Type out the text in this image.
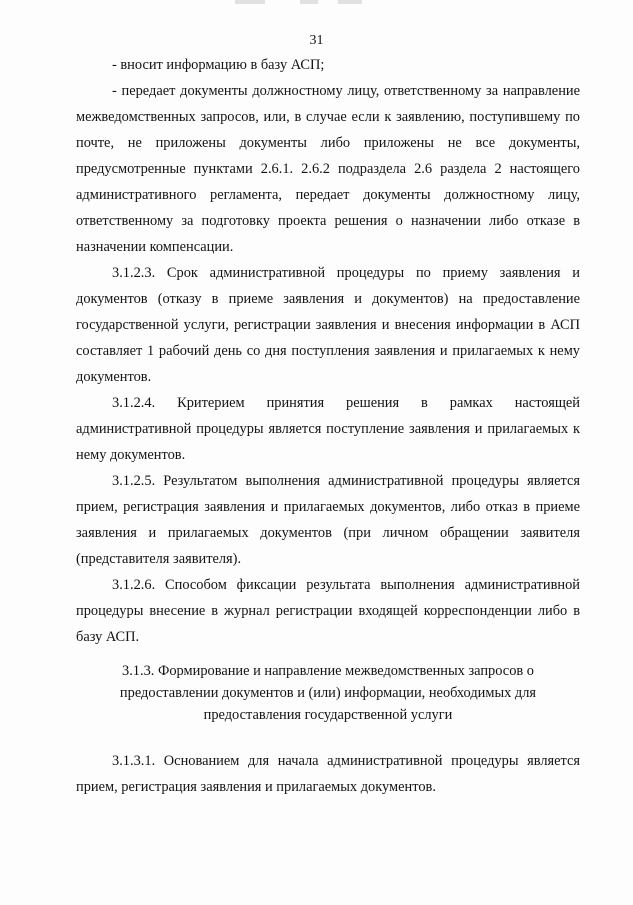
31

- вносит информацию в базу АСП;

- передает документы должностному лицу, ответственному за направление межведомственных запросов, или, в случае если к заявлению, поступившему по почте, не приложены документы либо приложены не все документы, предусмотренные пунктами 2.6.1. 2.6.2 подраздела 2.6 раздела 2 настоящего административного регламента, передает документы должностному лицу, ответственному за подготовку проекта решения о назначении либо отказе в назначении компенсации.

3.1.2.3. Срок административной процедуры по приему заявления и документов (отказу в приеме заявления и документов) на предоставление государственной услуги, регистрации заявления и внесения информации в АСП составляет 1 рабочий день со дня поступления заявления и прилагаемых к нему документов.

3.1.2.4. Критерием принятия решения в рамках настоящей административной процедуры является поступление заявления и прилагаемых к нему документов.

3.1.2.5. Результатом выполнения административной процедуры является прием, регистрация заявления и прилагаемых документов, либо отказ в приеме заявления и прилагаемых документов (при личном обращении заявителя (представителя заявителя).

3.1.2.6. Способом фиксации результата выполнения административной процедуры внесение в журнал регистрации входящей корреспонденции либо в базу АСП.

3.1.3. Формирование и направление межведомственных запросов о предоставлении документов и (или) информации, необходимых для предоставления государственной услуги

3.1.3.1. Основанием для начала административной процедуры является прием, регистрация заявления и прилагаемых документов.
